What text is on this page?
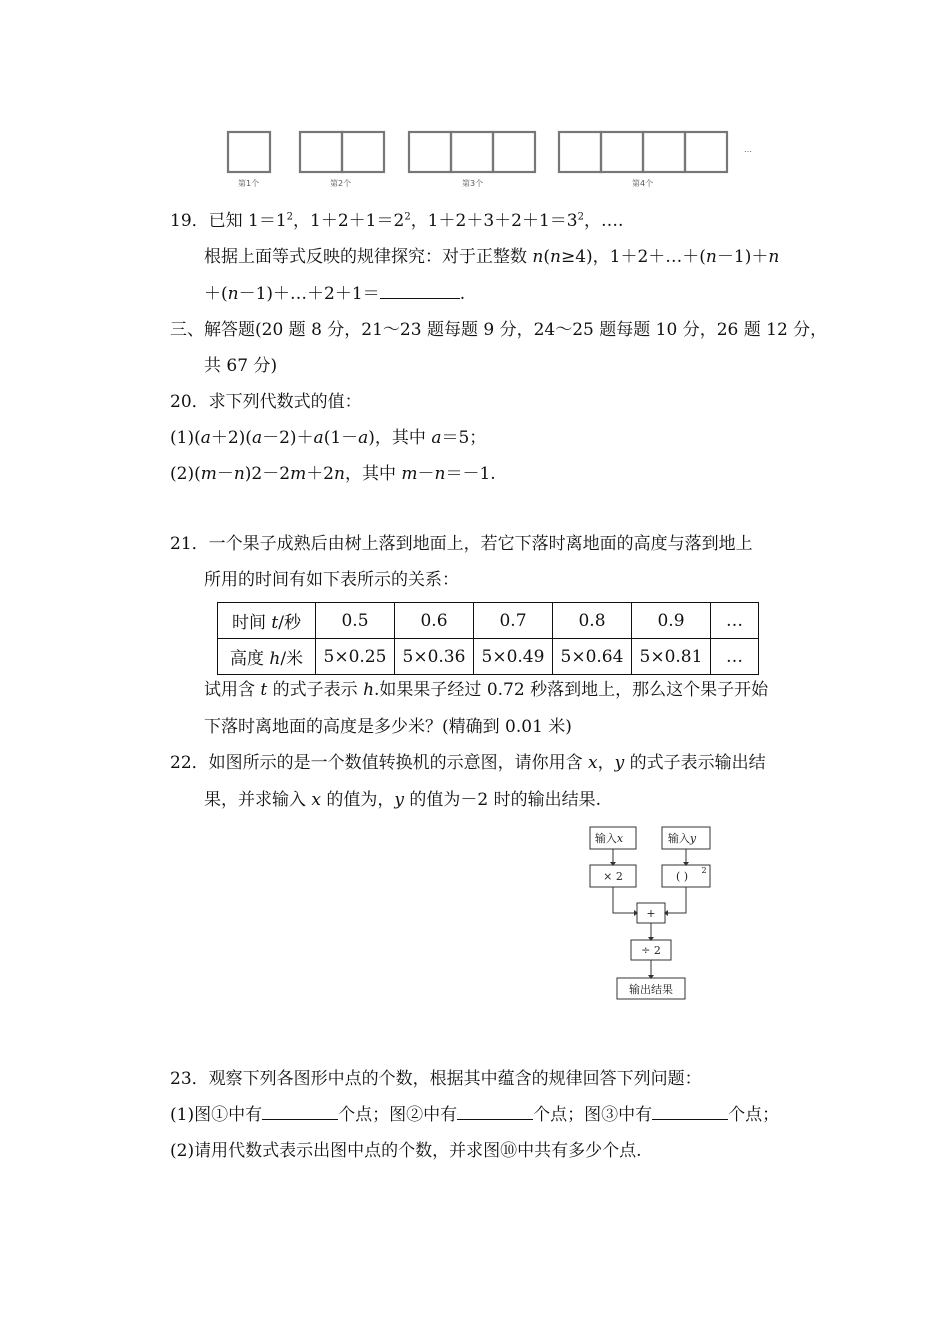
第1个	第2个	第3个	第4个
…
19．已知 $1=1^2$，$1+2+1=2^2$，$1+2+3+2+1=3^2$，….
根据上面等式反映的规律探究：对于正整数 n(n≥4)，1＋2＋…＋(n－1)＋n
＋(n－1)＋…＋2＋1＝	.
三、解答题(20 题 8 分，21～23 题每题 9 分，24～25 题每题 10 分，26 题 12 分，
共 67 分)
20．求下列代数式的值：
(1)(a＋2)(a－2)＋a(1－a)，其中 a＝5；
(2)(m－n)2－2m＋2n，其中 m－n＝－1.
21．一个果子成熟后由树上落到地面上，若它下落时离地面的高度与落到地上
所用的时间有如下表所示的关系：
时间 t/秒	0.5	0.6	0.7	0.8	0.9	…
高度 h/米	5×0.25	5×0.36	5×0.49	5×0.64	5×0.81	…
试用含 t 的式子表示 h.如果果子经过 0.72 秒落到地上，那么这个果子开始
下落时离地面的高度是多少米？(精确到 0.01 米)
22．如图所示的是一个数值转换机的示意图，请你用含 x，y 的式子表示输出结
果，并求输入 x 的值为，y 的值为－2 时的输出结果.
输入x	输入y
× 2	( ) 2
+
÷ 2
输出结果
23．观察下列各图形中点的个数，根据其中蕴含的规律回答下列问题：
(1)图①中有	个点；图②中有	个点；图③中有	个点；
(2)请用代数式表示出图中点的个数，并求图⑩中共有多少个点.
